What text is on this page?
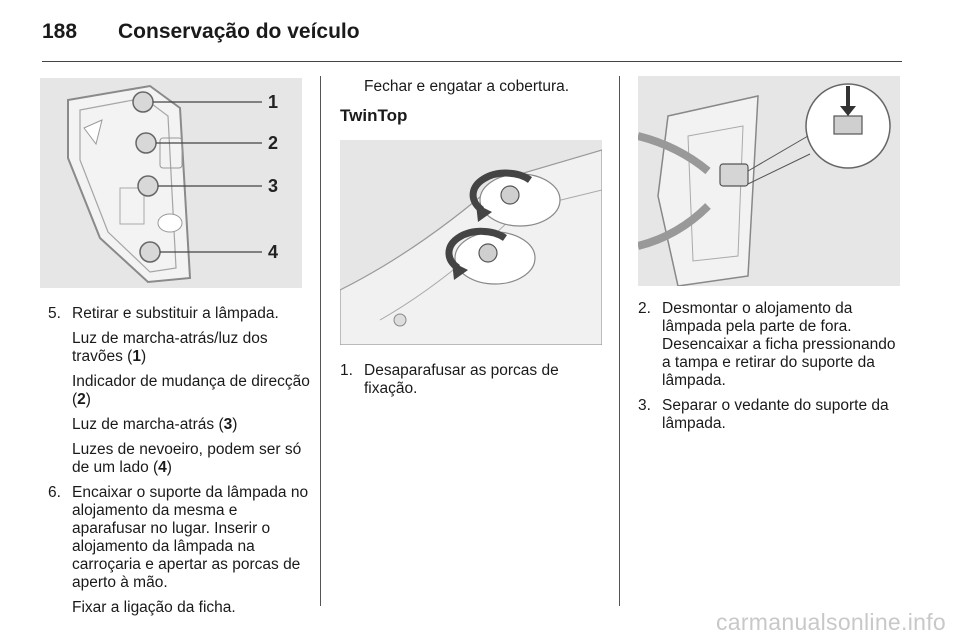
188 Conservação do veículo
1
2
3
4

5. Retirar e substituir a lâmpada.

Luz de marcha-atrás/luz dos travões (1)

Indicador de mudança de direcção (2)

Luz de marcha-atrás (3)

Luzes de nevoeiro, podem ser só de um lado (4)

6. Encaixar o suporte da lâmpada no alojamento da mesma e aparafusar no lugar. Inserir o alojamento da lâmpada na carroçaria e apertar as porcas de aperto à mão.

Fixar a ligação da ficha.

Fechar e engatar a cobertura.
TwinTop

1. Desaparafusar as porcas de fixação.

2. Desmontar o alojamento da lâmpada pela parte de fora. Desencaixar a ficha pressionando a tampa e retirar do suporte da lâmpada.

3. Separar o vedante do suporte da lâmpada.

carmanualsonline.info
